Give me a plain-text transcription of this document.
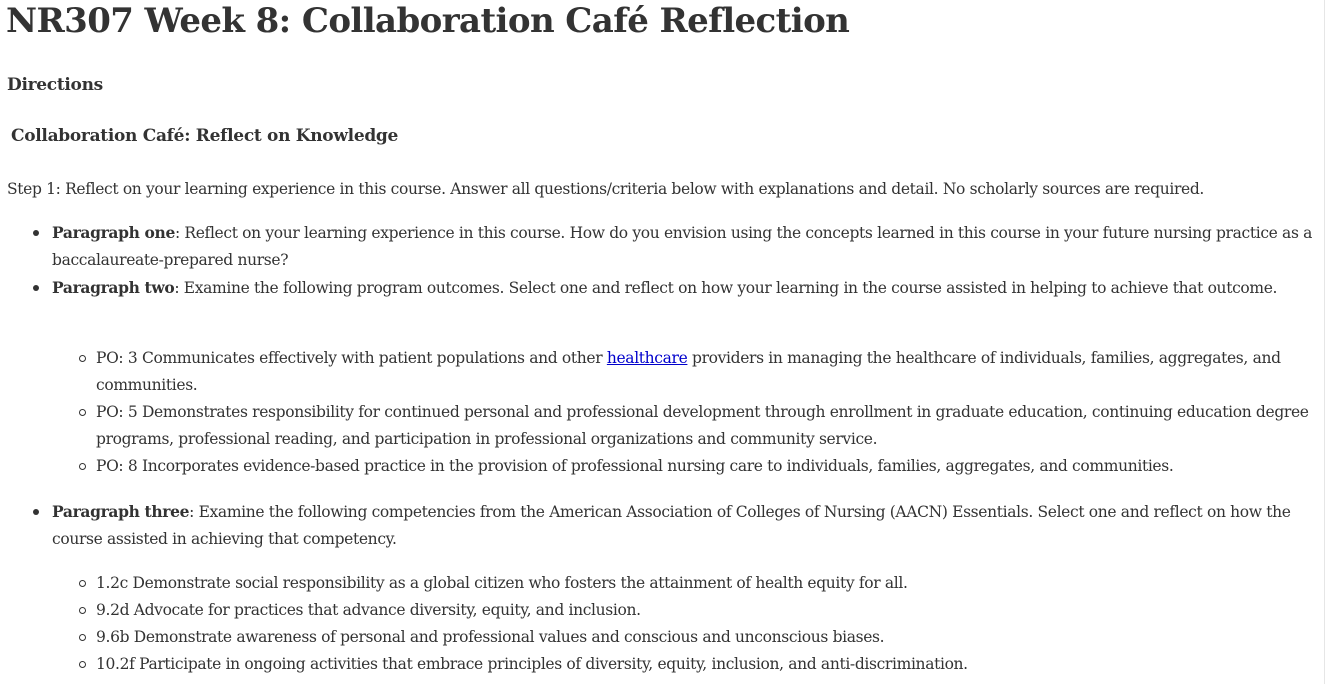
NR307 Week 8: Collaboration Café Reflection
Directions
Collaboration Café: Reflect on Knowledge
Step 1: Reflect on your learning experience in this course. Answer all questions/criteria below with explanations and detail. No scholarly sources are required.
Paragraph one: Reflect on your learning experience in this course. How do you envision using the concepts learned in this course in your future nursing practice as a baccalaureate-prepared nurse?
Paragraph two: Examine the following program outcomes. Select one and reflect on how your learning in the course assisted in helping to achieve that outcome.
PO: 3 Communicates effectively with patient populations and other healthcare providers in managing the healthcare of individuals, families, aggregates, and communities.
PO: 5 Demonstrates responsibility for continued personal and professional development through enrollment in graduate education, continuing education degree programs, professional reading, and participation in professional organizations and community service.
PO: 8 Incorporates evidence-based practice in the provision of professional nursing care to individuals, families, aggregates, and communities.
Paragraph three: Examine the following competencies from the American Association of Colleges of Nursing (AACN) Essentials. Select one and reflect on how the course assisted in achieving that competency.
1.2c Demonstrate social responsibility as a global citizen who fosters the attainment of health equity for all.
9.2d Advocate for practices that advance diversity, equity, and inclusion.
9.6b Demonstrate awareness of personal and professional values and conscious and unconscious biases.
10.2f Participate in ongoing activities that embrace principles of diversity, equity, inclusion, and anti-discrimination.
